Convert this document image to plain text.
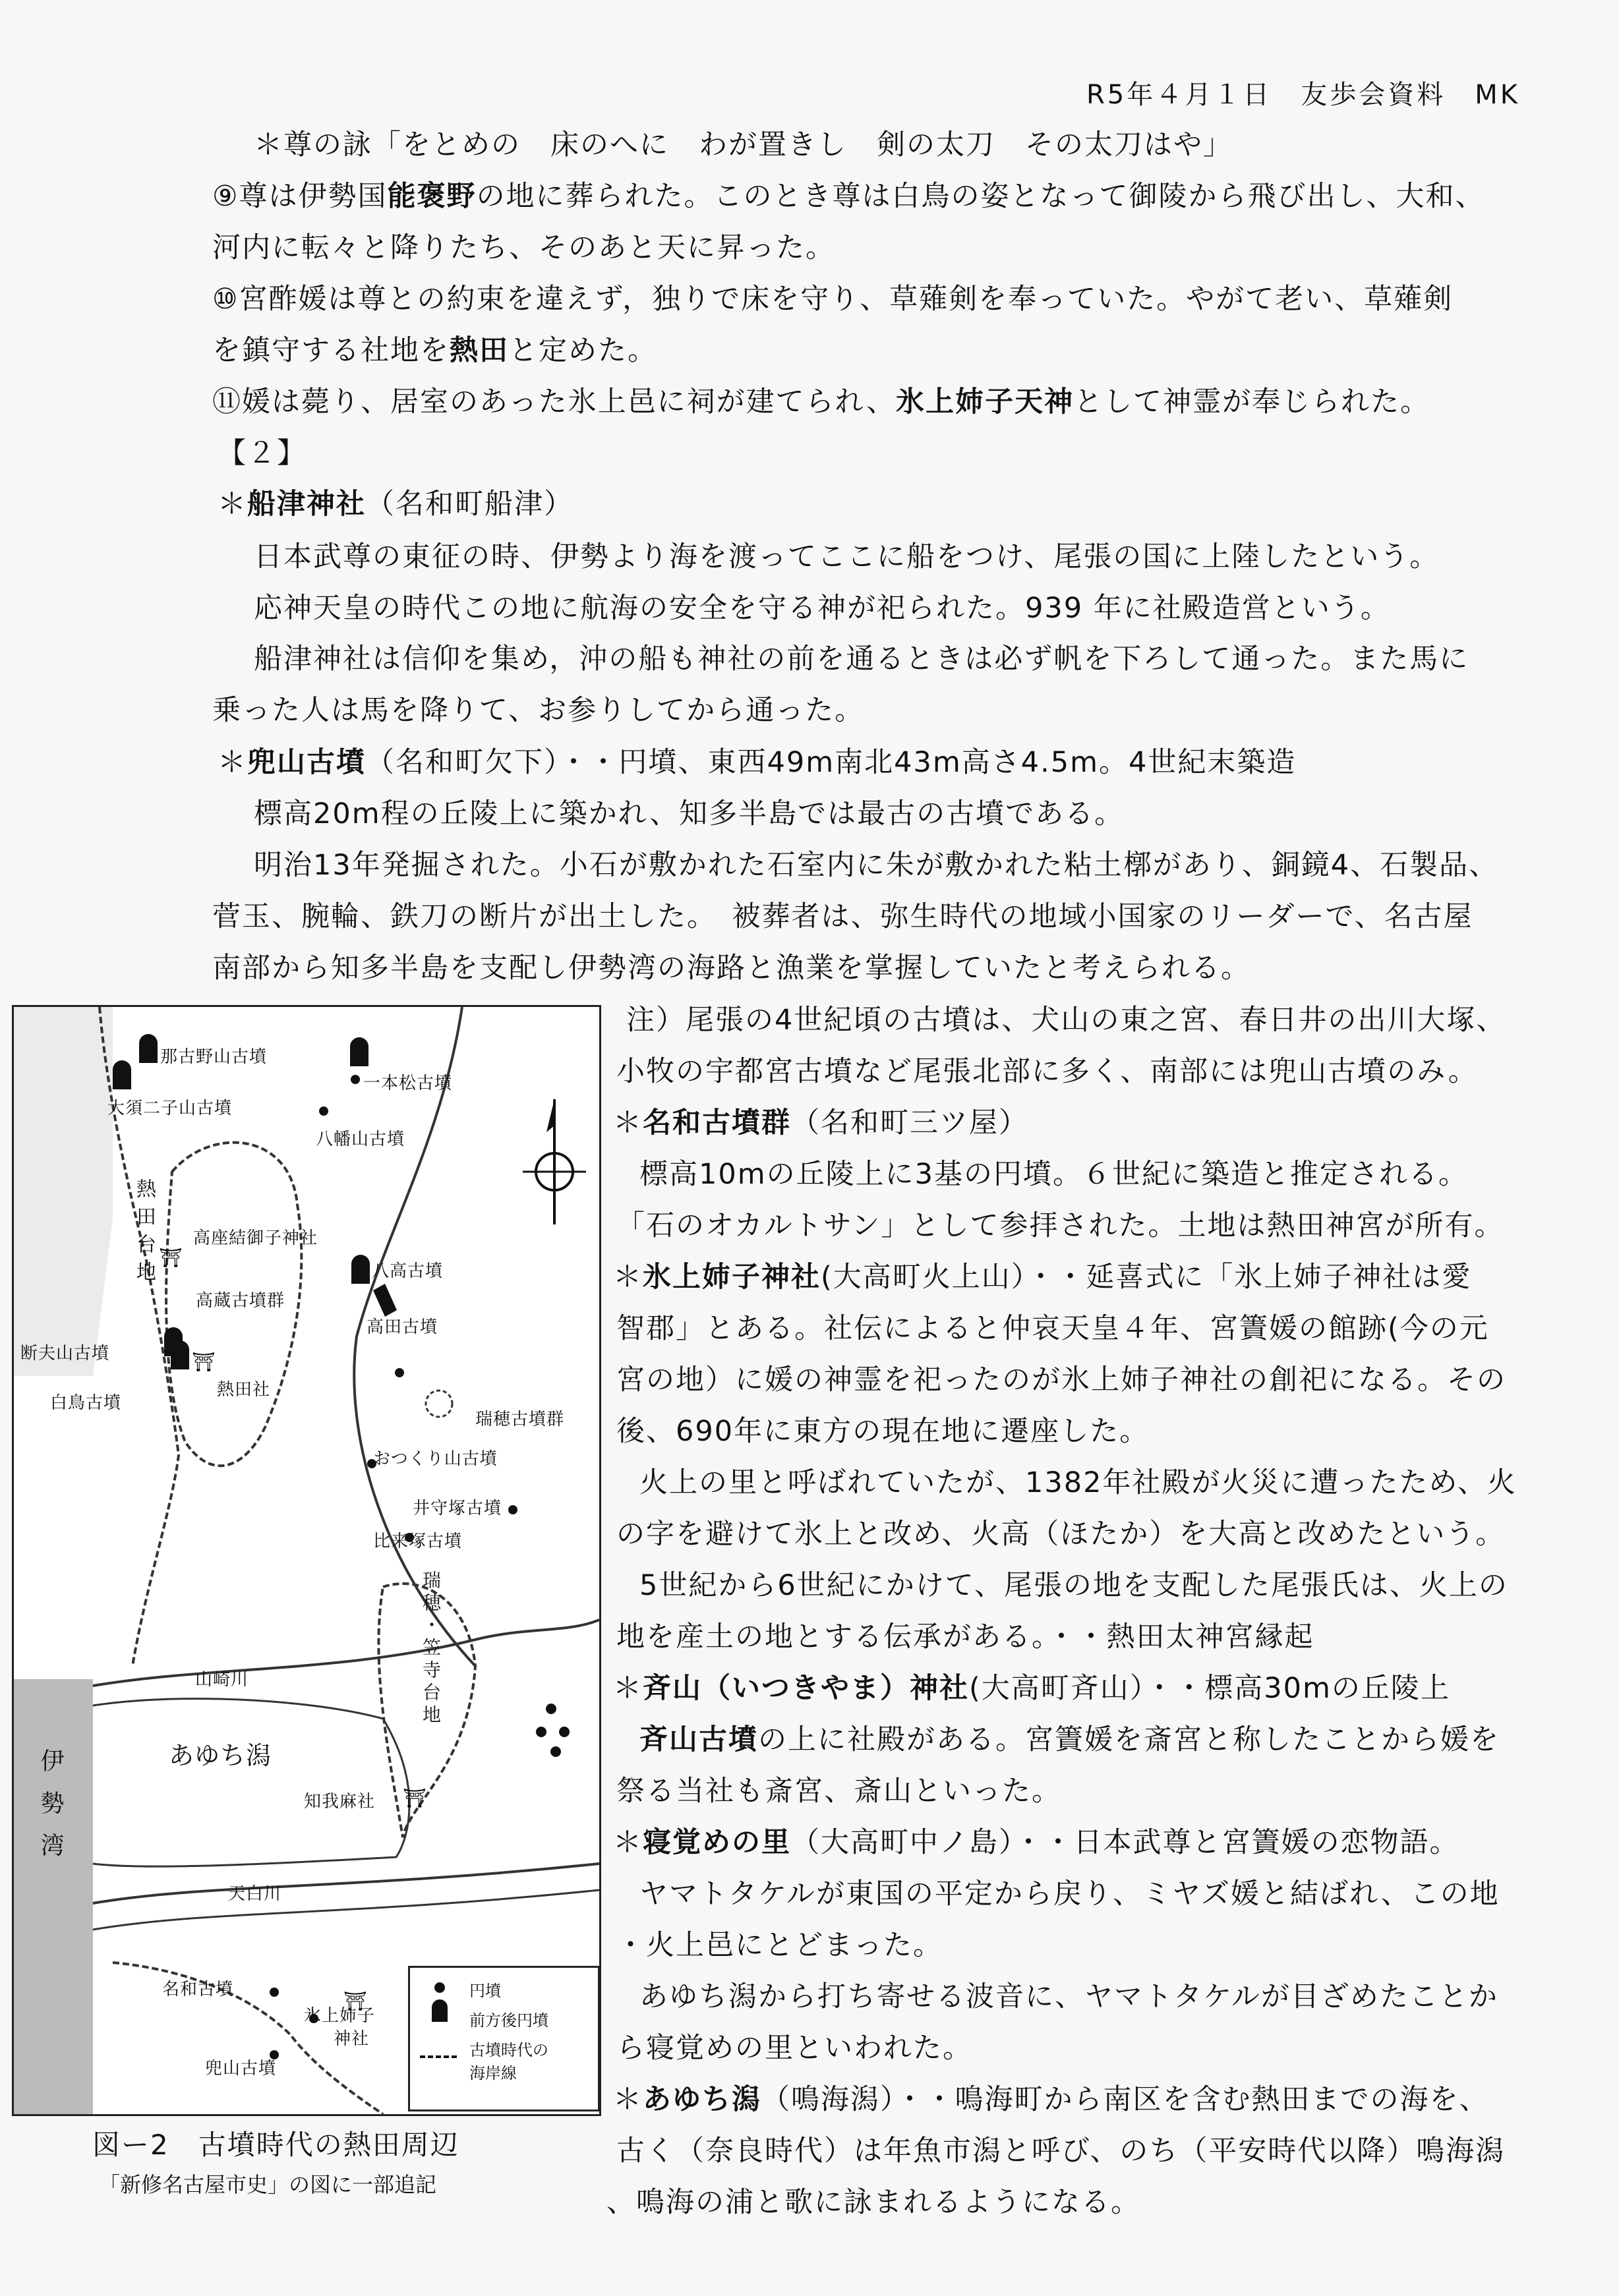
R5年４月１日　友歩会資料　MK
＊尊の詠「をとめの　床のへに　わが置きし　剣の太刀　その太刀はや」
⑨尊は伊勢国能褒野の地に葬られた。このとき尊は白鳥の姿となって御陵から飛び出し、大和、
河内に転々と降りたち、そのあと天に昇った。
⑩宮酢媛は尊との約束を違えず，独りで床を守り、草薙剣を奉っていた。やがて老い、草薙剣
を鎮守する社地を熱田と定めた。
⑪媛は薨り、居室のあった氷上邑に祠が建てられ、氷上姉子天神として神霊が奉じられた。
【２】
＊船津神社（名和町船津）
日本武尊の東征の時、伊勢より海を渡ってここに船をつけ、尾張の国に上陸したという。
応神天皇の時代この地に航海の安全を守る神が祀られた。939 年に社殿造営という。
船津神社は信仰を集め，沖の船も神社の前を通るときは必ず帆を下ろして通った。また馬に
乗った人は馬を降りて、お参りしてから通った。
＊兜山古墳（名和町欠下）・・円墳、東西49m南北43m高さ4.5m。4世紀末築造
標高20m程の丘陵上に築かれ、知多半島では最古の古墳である。
明治13年発掘された。小石が敷かれた石室内に朱が敷かれた粘土槨があり、銅鏡4、石製品、
菅玉、腕輪、鉄刀の断片が出土した。　被葬者は、弥生時代の地域小国家のリーダーで、名古屋
南部から知多半島を支配し伊勢湾の海路と漁業を掌握していたと考えられる。
注）尾張の4世紀頃の古墳は、犬山の東之宮、春日井の出川大塚、
小牧の宇都宮古墳など尾張北部に多く、南部には兜山古墳のみ。
＊名和古墳群（名和町三ツ屋）
標高10mの丘陵上に3基の円墳。６世紀に築造と推定される。
「石のオカルトサン」として参拝された。土地は熱田神宮が所有。
＊氷上姉子神社(大高町火上山）・・延喜式に「氷上姉子神社は愛
智郡」とある。社伝によると仲哀天皇４年、宮簀媛の館跡(今の元
宮の地）に媛の神霊を祀ったのが氷上姉子神社の創祀になる。その
後、690年に東方の現在地に遷座した。
火上の里と呼ばれていたが、1382年社殿が火災に遭ったため、火
の字を避けて氷上と改め、火高（ほたか）を大高と改めたという。
5世紀から6世紀にかけて、尾張の地を支配した尾張氏は、火上の
地を産土の地とする伝承がある。・・熱田太神宮縁起
＊斉山（いつきやま）神社(大高町斉山）・・標高30mの丘陵上
斉山古墳の上に社殿がある。宮簀媛を斎宮と称したことから媛を
祭る当社も斎宮、斎山といった。
＊寝覚めの里（大高町中ノ島）・・日本武尊と宮簀媛の恋物語。
ヤマトタケルが東国の平定から戻り、ミヤズ媛と結ばれ、この地
・火上邑にとどまった。
あゆち潟から打ち寄せる波音に、ヤマトタケルが目ざめたことか
ら寝覚めの里といわれた。
＊あゆち潟（鳴海潟）・・鳴海町から南区を含む熱田までの海を、
古く（奈良時代）は年魚市潟と呼び、のち（平安時代以降）鳴海潟
、鳴海の浦と歌に詠まれるようになる。
⛩
⛩
⛩
⛩
那古野山古墳
一本松古墳
大須二子山古墳
八幡山古墳
高座結御子神社
高蔵古墳群
八高古墳
高田古墳
断夫山古墳
熱田社
白鳥古墳
瑞穂古墳群
おつくり山古墳
井守塚古墳
比来塚古墳
山崎川
あゆち潟
知我麻社
天白川
名和古墳
氷上姉子
神社
兜山古墳
熱田台地
瑞穂・笠寺台地
伊勢湾
円墳
前方後円墳
古墳時代の
海岸線
図ー2　古墳時代の熱田周辺
「新修名古屋市史」の図に一部追記
